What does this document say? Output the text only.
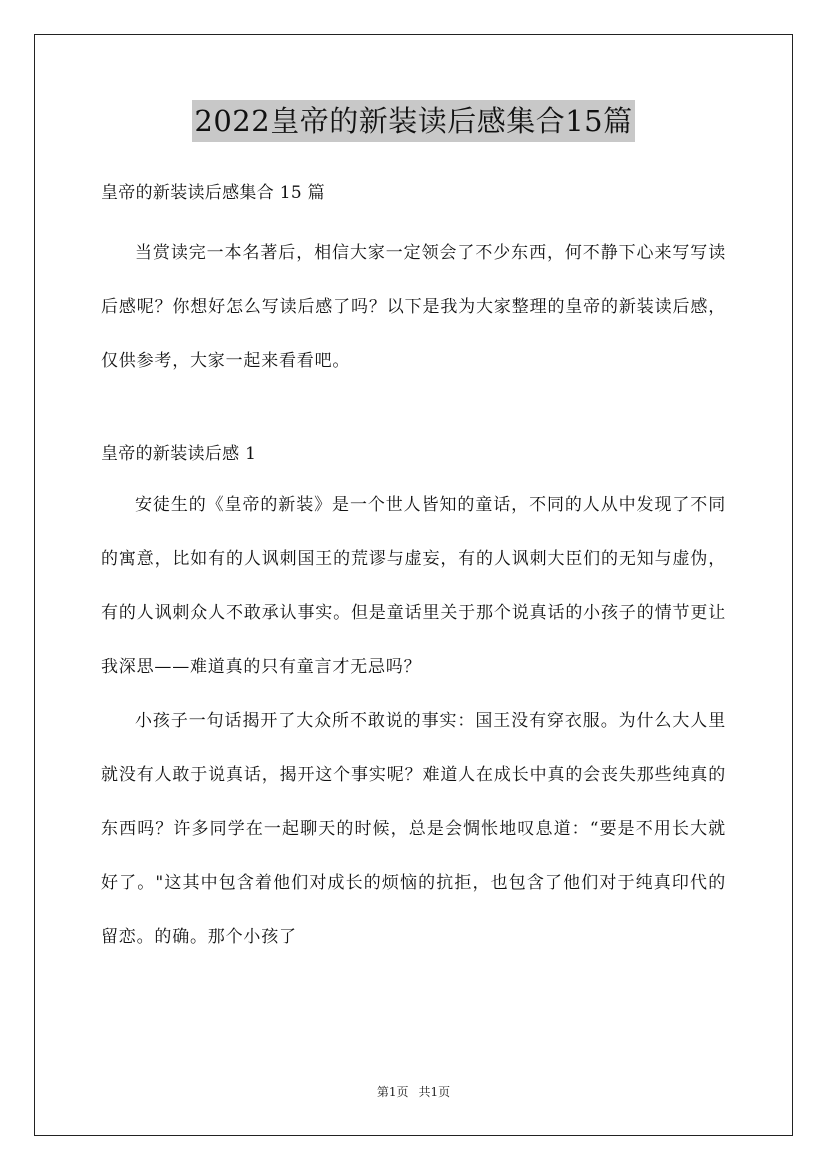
2022皇帝的新装读后感集合15篇

皇帝的新装读后感集合 15 篇

当赏读完一本名著后，相信大家一定领会了不少东西，何不静下心来写写读后感呢？你想好怎么写读后感了吗？以下是我为大家整理的皇帝的新装读后感，仅供参考，大家一起来看看吧。

皇帝的新装读后感 1

安徒生的《皇帝的新装》是一个世人皆知的童话，不同的人从中发现了不同的寓意，比如有的人讽刺国王的荒谬与虚妄，有的人讽刺大臣们的无知与虚伪，有的人讽刺众人不敢承认事实。但是童话里关于那个说真话的小孩子的情节更让我深思——难道真的只有童言才无忌吗？

小孩子一句话揭开了大众所不敢说的事实：国王没有穿衣服。为什么大人里就没有人敢于说真话，揭开这个事实呢？难道人在成长中真的会丧失那些纯真的东西吗？许多同学在一起聊天的时候，总是会惆怅地叹息道：“要是不用长大就好了。"这其中包含着他们对成长的烦恼的抗拒，也包含了他们对于纯真印代的留恋。的确。那个小孩了

第1页 共1页
